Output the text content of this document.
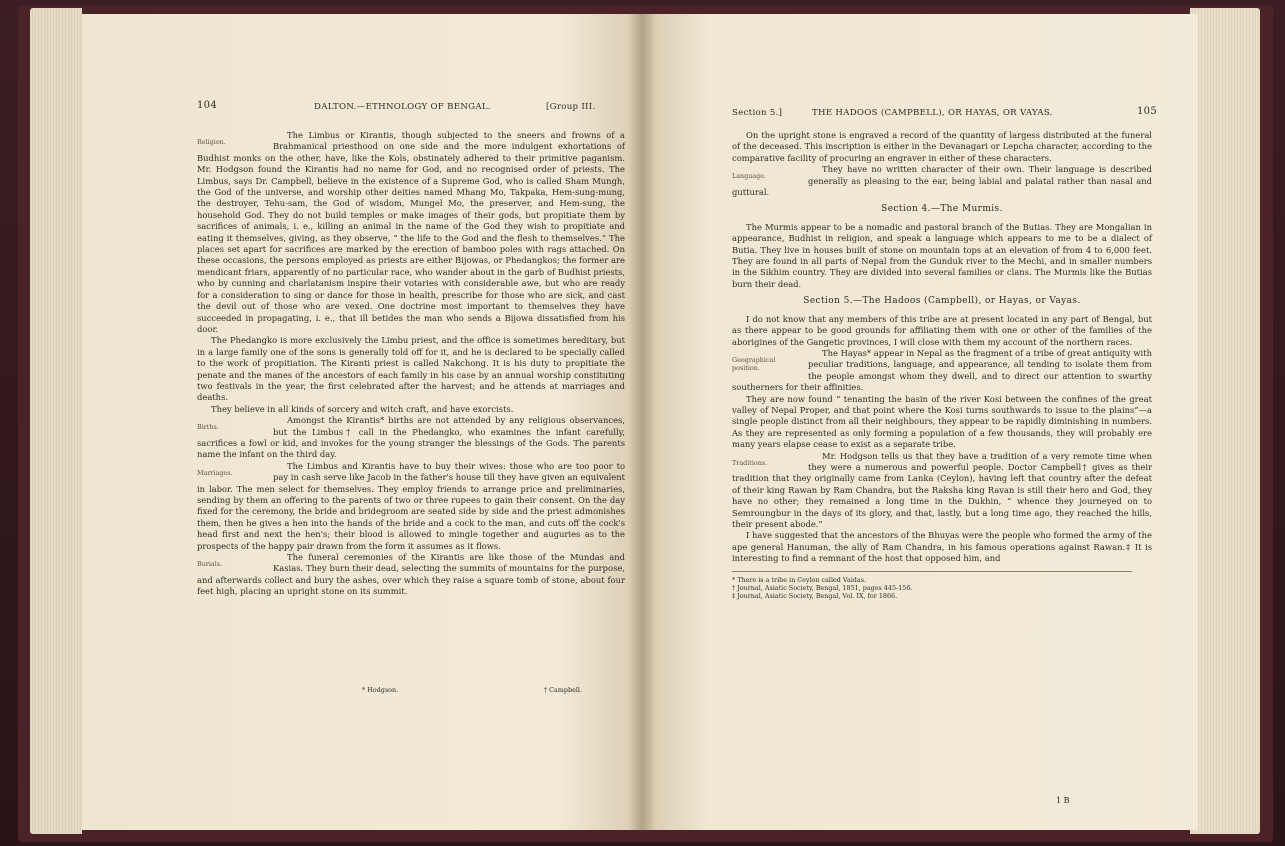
104	DALTON.—ETHNOLOGY OF BENGAL.	[Group III.

Religion.
The Limbus or Kirantis, though subjected to the sneers and frowns of a Brahmanical priesthood on one side and the more indulgent exhortations of Budhist monks on the other, have, like the Kols, obstinately adhered to their primitive paganism. Mr. Hodgson found the Kirantis had no name for God, and no recognised order of priests. The Limbus, says Dr. Campbell, believe in the existence of a Supreme God, who is called Sham Mungh, the God of the universe, and worship other deities named Mhang Mo, Takpaka, Hem-sung-mung, the destroyer, Tehu-sam, the God of wisdom, Mungel Mo, the preserver, and Hem-sung, the household God. They do not build temples or make images of their gods, but propitiate them by sacrifices of animals, i. e., killing an animal in the name of the God they wish to propitiate and eating it themselves, giving, as they observe, “ the life to the God and the flesh to themselves.” The places set apart for sacrifices are marked by the erection of bamboo poles with rags attached. On these occasions, the persons employed as priests are either Bijowas, or Phedangkos; the former are mendicant friars, apparently of no particular race, who wander about in the garb of Budhist priests, who by cunning and charlatanism inspire their votaries with considerable awe, but who are ready for a consideration to sing or dance for those in health, prescribe for those who are sick, and cast the devil out of those who are vexed. One doctrine most important to themselves they have succeeded in propagating, i. e., that ill betides the man who sends a Bijowa dissatisfied from his door.

The Phedangko is more exclusively the Limbu priest, and the office is sometimes hereditary, but in a large family one of the sons is generally told off for it, and he is declared to be specially called to the work of propitiation. The Kiranti priest is called Nakchong. It is his duty to propitiate the penate and the manes of the ancestors of each family in his case by an annual worship constituting two festivals in the year, the first celebrated after the harvest; and he attends at marriages and deaths.

They believe in all kinds of sorcery and witch craft, and have exorcists.

Births.
Amongst the Kirantis* births are not attended by any religious observances, but the Limbus† call in the Phedangko, who examines the infant carefully, sacrifices a fowl or kid, and invokes for the young stranger the blessings of the Gods. The parents name the infant on the third day.

Marriages.
The Limbus and Kirantis have to buy their wives: those who are too poor to pay in cash serve like Jacob in the father's house till they have given an equivalent in labor. The men select for themselves. They employ friends to arrange price and preliminaries, sending by them an offering to the parents of two or three rupees to gain their consent. On the day fixed for the ceremony, the bride and bridegroom are seated side by side and the priest admonishes them, then he gives a hen into the hands of the bride and a cock to the man, and cuts off the cock's head first and next the hen's; their blood is allowed to mingle together and auguries as to the prospects of the happy pair drawn from the form it assumes as it flows.

Burials.
The funeral ceremonies of the Kirantis are like those of the Mundas and Kasias. They burn their dead, selecting the summits of mountains for the purpose, and afterwards collect and bury the ashes, over which they raise a square tomb of stone, about four feet high, placing an upright stone on its summit.

* Hodgson.	† Campbell.
Section 5.]	THE HADOOS (CAMPBELL), OR HAYAS, OR VAYAS.	105

On the upright stone is engraved a record of the quantity of largess distributed at the funeral of the deceased. This inscription is either in the Devanagari or Lepcha character, according to the comparative facility of procuring an engraver in either of these characters.

Language.
They have no written character of their own. Their language is described generally as pleasing to the ear, being labial and palatal rather than nasal and guttural.

Section 4.—The Murmis.

The Murmis appear to be a nomadic and pastoral branch of the Butias. They are Mongalian in appearance, Budhist in religion, and speak a language which appears to me to be a dialect of Butia. They live in houses built of stone on mountain tops at an elevation of from 4 to 6,000 feet. They are found in all parts of Nepal from the Gunduk river to the Mechi, and in smaller numbers in the Sikhim country. They are divided into several families or clans. The Murmis like the Butias burn their dead.

Section 5.—The Hadoos (Campbell), or Hayas, or Vayas.

I do not know that any members of this tribe are at present located in any part of Bengal, but as there appear to be good grounds for affiliating them with one or other of the families of the aborigines of the Gangetic provinces, I will close with them my account of the northern races.

Geographical position.
The Hayas* appear in Nepal as the fragment of a tribe of great antiquity with peculiar traditions, language, and appearance, all tending to isolate them from the people amongst whom they dwell, and to direct our attention to swarthy southerners for their affinities.

They are now found “ tenanting the basin of the river Kosi between the confines of the great valley of Nepal Proper, and that point where the Kosi turns southwards to issue to the plains”—a single people distinct from all their neighbours, they appear to be rapidly diminishing in numbers. As they are represented as only forming a population of a few thousands, they will probably ere many years elapse cease to exist as a separate tribe.

Traditions.
Mr. Hodgson tells us that they have a tradition of a very remote time when they were a numerous and powerful people. Doctor Campbell† gives as their tradition that they originally came from Lanka (Ceylon), having left that country after the defeat of their king Rawan by Ram Chandra, but the Raksha king Ravan is still their hero and God, they have no other; they remained a long time in the Dukhin, “ whence they journeyed on to Semroungbur in the days of its glory, and that, lastly, but a long time ago, they reached the hills, their present abode.”

I have suggested that the ancestors of the Bhuyas were the people who formed the army of the ape general Hanuman, the ally of Ram Chandra, in his famous operations against Rawan.‡ It is interesting to find a remnant of the host that opposed him, and

* There is a tribe in Ceylon called Vaidas.

† Journal, Asiatic Society, Bengal, 1851, pages 445-156.

‡ Journal, Asiatic Society, Bengal, Vol. IX, for 1866.

1 B
